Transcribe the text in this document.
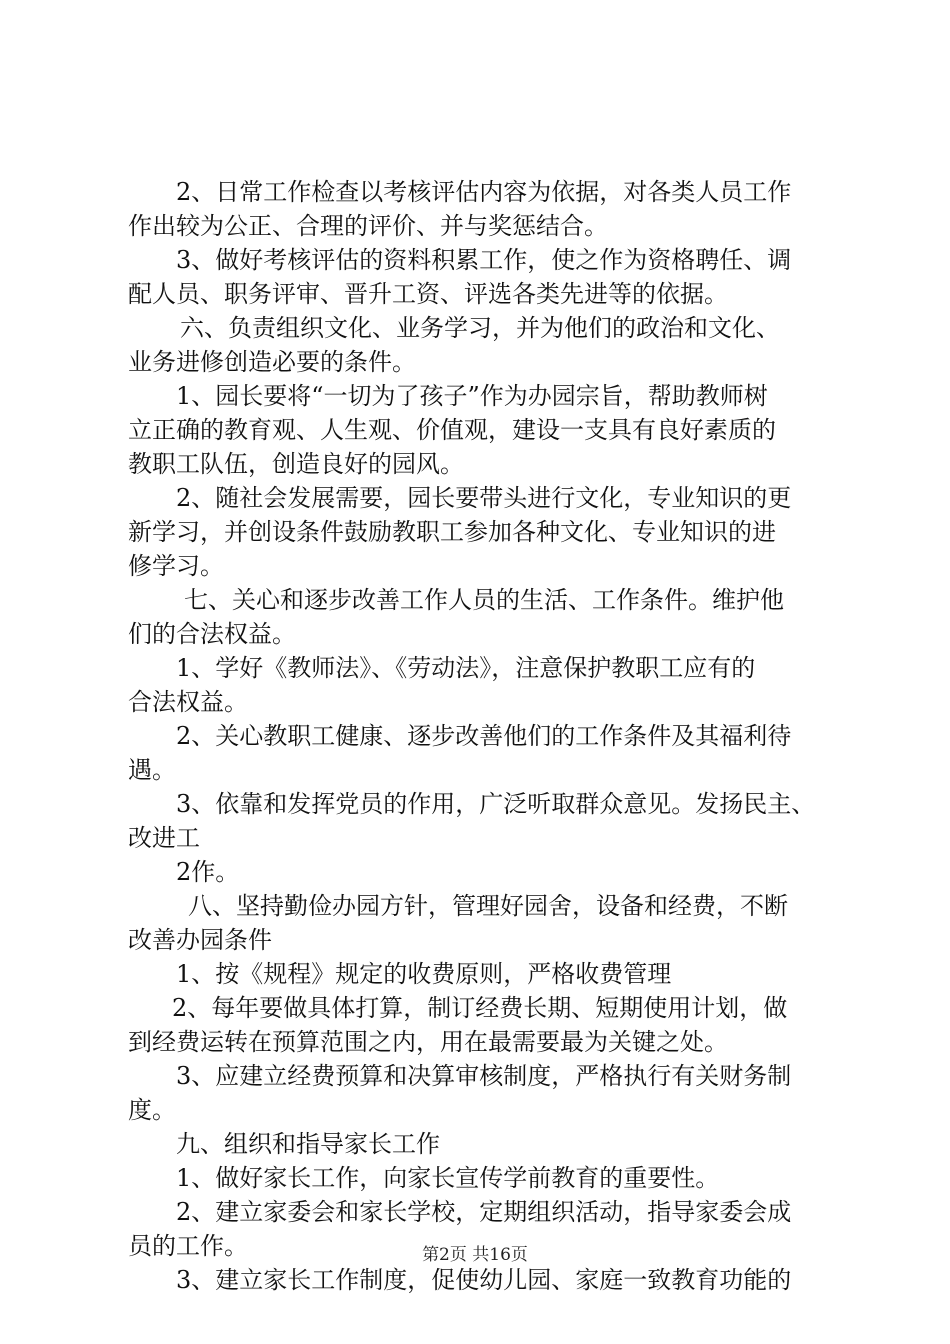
2、日常工作检查以考核评估内容为依据，对各类人员工作
作出较为公正、合理的评价、并与奖惩结合。
3、做好考核评估的资料积累工作，使之作为资格聘任、调
配人员、职务评审、晋升工资、评选各类先进等的依据。
六、负责组织文化、业务学习，并为他们的政治和文化、
业务进修创造必要的条件。
1、园长要将“一切为了孩子”作为办园宗旨，帮助教师树
立正确的教育观、人生观、价值观，建设一支具有良好素质的
教职工队伍，创造良好的园风。
2、随社会发展需要，园长要带头进行文化，专业知识的更
新学习，并创设条件鼓励教职工参加各种文化、专业知识的进
修学习。
七、关心和逐步改善工作人员的生活、工作条件。维护他
们的合法权益。
1、学好《教师法》、《劳动法》，注意保护教职工应有的
合法权益。
2、关心教职工健康、逐步改善他们的工作条件及其福利待
遇。
3、依靠和发挥党员的作用，广泛听取群众意见。发扬民主、
改进工
2作。
八、坚持勤俭办园方针，管理好园舍，设备和经费，不断
改善办园条件
1、按《规程》规定的收费原则，严格收费管理
2、每年要做具体打算，制订经费长期、短期使用计划，做
到经费运转在预算范围之内，用在最需要最为关键之处。
3、应建立经费预算和决算审核制度，严格执行有关财务制
度。
九、组织和指导家长工作
1、做好家长工作，向家长宣传学前教育的重要性。
2、建立家委会和家长学校，定期组织活动，指导家委会成
员的工作。
3、建立家长工作制度，促使幼儿园、家庭一致教育功能的
第2页 共16页
